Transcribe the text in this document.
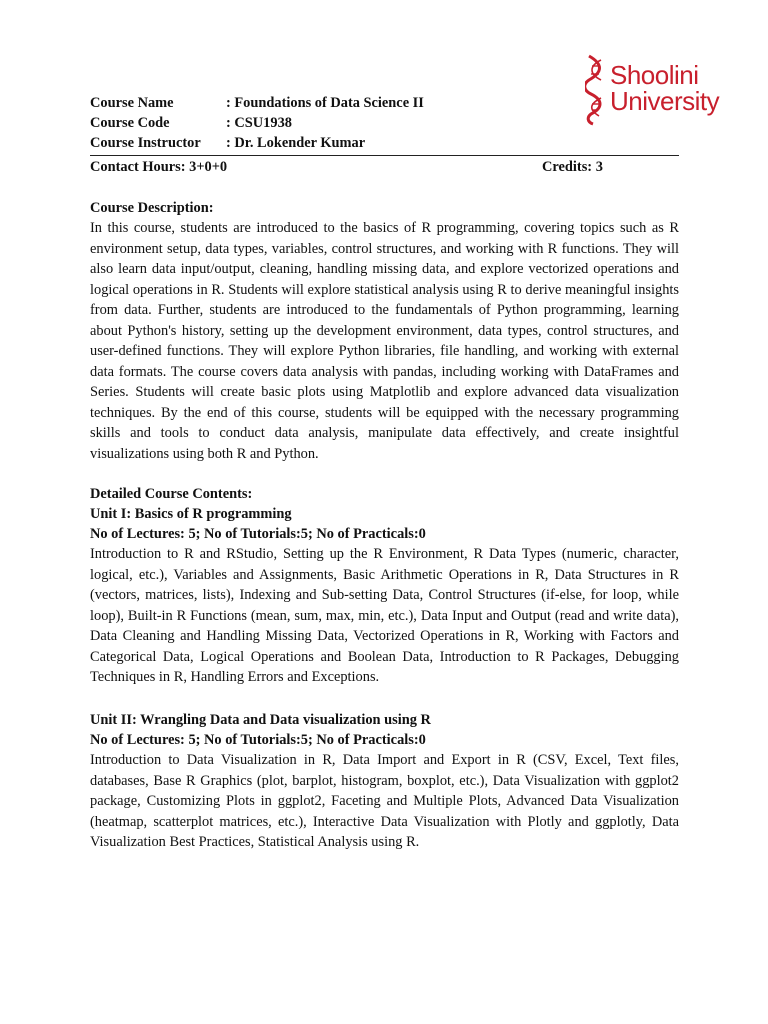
Shoolini
University
Course Name	: Foundations of Data Science II
Course Code	: CSU1938
Course Instructor : Dr. Lokender Kumar
Contact Hours: 3+0+0	Credits: 3

Course Description:

In this course, students are introduced to the basics of R programming, covering topics such as R environment setup, data types, variables, control structures, and working with R functions. They will also learn data input/output, cleaning, handling missing data, and explore vectorized operations and logical operations in R. Students will explore statistical analysis using R to derive meaningful insights from data. Further, students are introduced to the fundamentals of Python programming, learning about Python's history, setting up the development environment, data types, control structures, and user-defined functions. They will explore Python libraries, file handling, and working with external data formats. The course covers data analysis with pandas, including working with DataFrames and Series. Students will create basic plots using Matplotlib and explore advanced data visualization techniques. By the end of this course, students will be equipped with the necessary programming skills and tools to conduct data analysis, manipulate data effectively, and create insightful visualizations using both R and Python.

Detailed Course Contents:

Unit I: Basics of R programming

No of Lectures: 5; No of Tutorials:5; No of Practicals:0

Introduction to R and RStudio, Setting up the R Environment, R Data Types (numeric, character, logical, etc.), Variables and Assignments, Basic Arithmetic Operations in R, Data Structures in R (vectors, matrices, lists), Indexing and Sub-setting Data, Control Structures (if-else, for loop, while loop), Built-in R Functions (mean, sum, max, min, etc.), Data Input and Output (read and write data), Data Cleaning and Handling Missing Data, Vectorized Operations in R, Working with Factors and Categorical Data, Logical Operations and Boolean Data, Introduction to R Packages, Debugging Techniques in R, Handling Errors and Exceptions.

Unit II: Wrangling Data and Data visualization using R

No of Lectures: 5; No of Tutorials:5; No of Practicals:0

Introduction to Data Visualization in R, Data Import and Export in R (CSV, Excel, Text files, databases, Base R Graphics (plot, barplot, histogram, boxplot, etc.), Data Visualization with ggplot2 package, Customizing Plots in ggplot2, Faceting and Multiple Plots, Advanced Data Visualization (heatmap, scatterplot matrices, etc.), Interactive Data Visualization with Plotly and ggplotly, Data Visualization Best Practices, Statistical Analysis using R.
